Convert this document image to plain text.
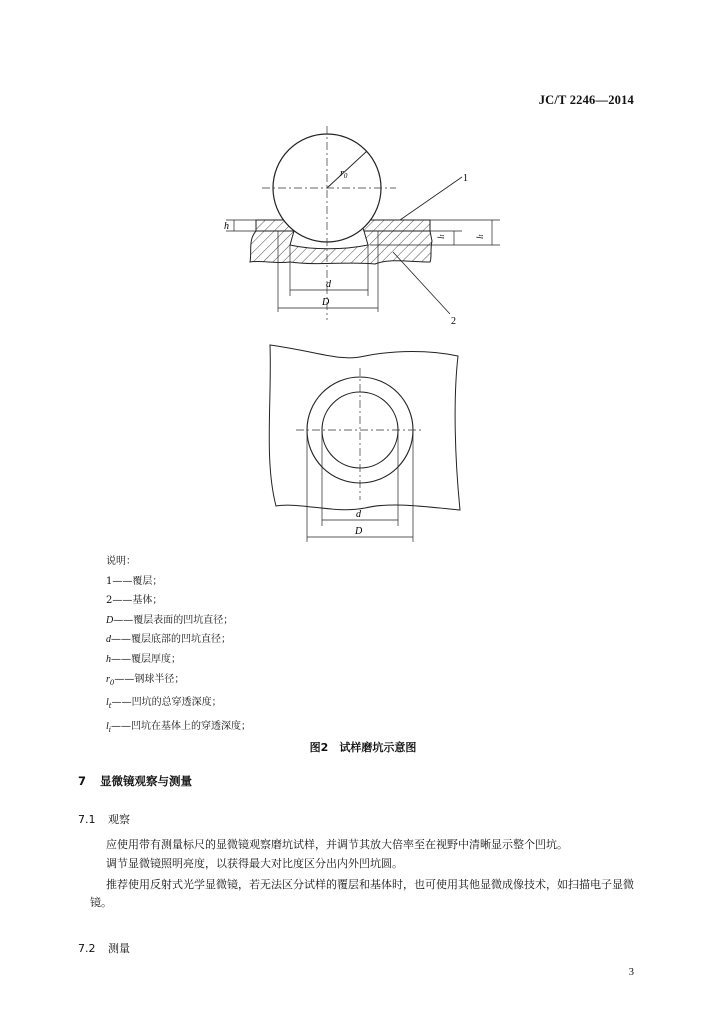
JC/T 2246—2014
$r_0$	1
2
h
lt
lt
d
D
d
D
说明：
1——覆层；
2——基体；
D——覆层表面的凹坑直径；
d——覆层底部的凹坑直径；
h——覆层厚度；
$r_0——$钢球半径；
$l_t——$凹坑的总穿透深度；
$l_i——$凹坑在基体上的穿透深度；
图2　试样磨坑示意图
7 显微镜观察与测量
7.1 观察
应使用带有测量标尺的显微镜观察磨坑试样，并调节其放大倍率至在视野中清晰显示整个凹坑。
调节显微镜照明亮度，以获得最大对比度区分出内外凹坑圆。
推荐使用反射式光学显微镜，若无法区分试样的覆层和基体时，也可使用其他显微成像技术，如扫描电子显微镜。
7.2 测量
3
